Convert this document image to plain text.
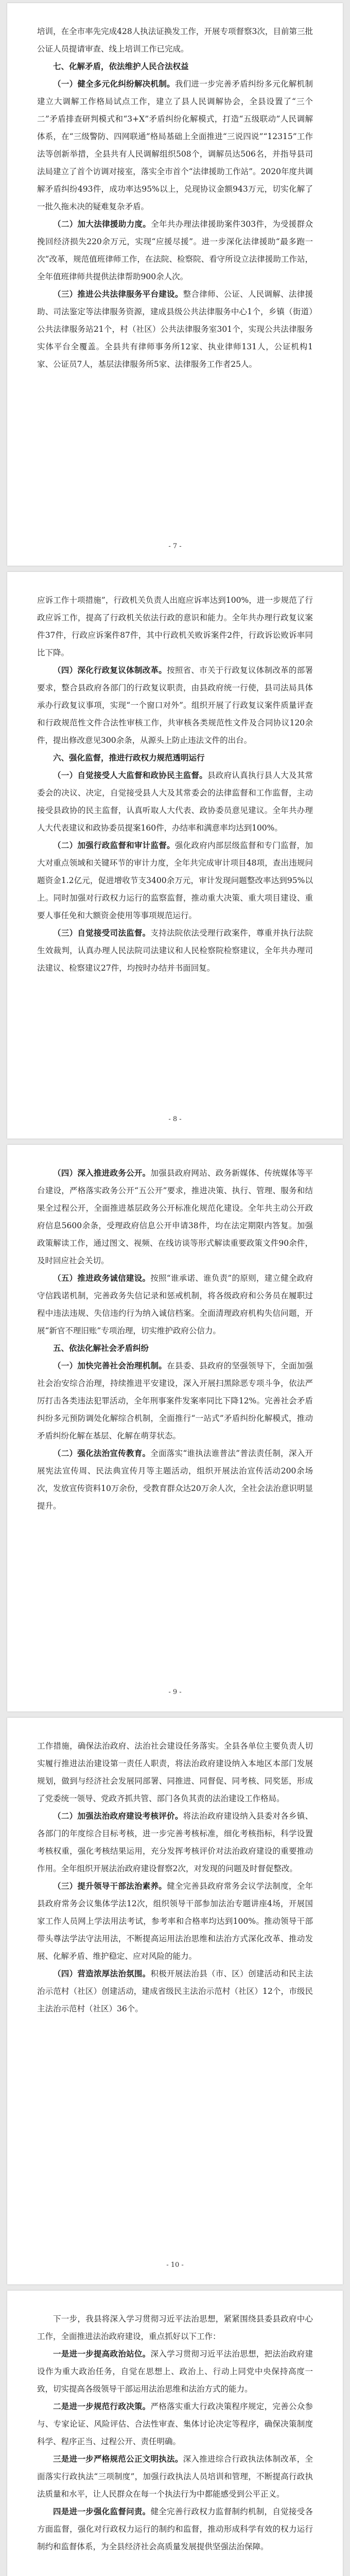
培训，在全市率先完成428人执法证换发工作，开展专项督察3次，目前第三批公证人员提请审查、线上培训工作已完成。

七、化解矛盾，依法维护人民合法权益

（一）健全多元化纠纷解决机制。我们进一步完善矛盾纠纷多元化解机制建立大调解工作格局试点工作，建立了县人民调解协会，全县设置了“三个二”矛盾排查研判模式和“3+X”矛盾纠纷化解模式，打造“五级联动”人民调解体系，在“三级警防、四网联通”格局基础上全面推进“三说四说”“12315”工作法等创新举措，全县共有人民调解组织508个，调解员达506名，并指导县司法局建立了首个访调对接室，落实全市首个“法律援助工作站”。2020年度共调解矛盾纠纷493件，成功率达95%以上，兑现协议金额943万元，切实化解了一批久拖未决的疑难复杂矛盾。

（二）加大法律援助力度。全年共办理法律援助案件303件，为受援群众挽回经济损失220余万元，实现“应援尽援”。进一步深化法律援助“最多跑一次”改革，规范值班律师工作，在法院、检察院、看守所设立法律援助工作站，全年值班律师共提供法律帮助900余人次。

（三）推进公共法律服务平台建设。整合律师、公证、人民调解、法律援助、司法鉴定等法律服务资源，建成县级公共法律服务中心1个，乡镇（街道）公共法律服务站21个，村（社区）公共法律服务室301个，实现公共法律服务实体平台全覆盖。全县共有律师事务所12家、执业律师131人，公证机构1家、公证员7人，基层法律服务所5家、法律服务工作者25人。

- 7 -

应诉工作十项措施”，行政机关负责人出庭应诉率达到100%，进一步规范了行政应诉工作，提高了行政机关依法行政的意识和能力。全年共办理行政复议案件37件，行政应诉案件87件，其中行政机关败诉案件2件，行政诉讼败诉率同比下降。

（四）深化行政复议体制改革。按照省、市关于行政复议体制改革的部署要求，整合县政府各部门的行政复议职责，由县政府统一行使，县司法局具体承办行政复议事项，实现“一个窗口对外”。组织开展了行政复议案件质量评查和行政规范性文件合法性审核工作，共审核各类规范性文件及合同协议120余件，提出修改意见300余条，从源头上防止违法文件的出台。

六、强化监督，推进行政权力规范透明运行

（一）自觉接受人大监督和政协民主监督。县政府认真执行县人大及其常委会的决议、决定，自觉接受县人大及其常委会的法律监督和工作监督，主动接受县政协的民主监督，认真听取人大代表、政协委员意见建议。全年共办理人大代表建议和政协委员提案160件，办结率和满意率均达到100%。

（二）加强行政监督和审计监督。强化政府内部层级监督和专门监督，加大对重点领域和关键环节的审计力度，全年共完成审计项目48项，查出违规问题资金1.2亿元，促进增收节支3400余万元，审计发现问题整改率达到95%以上。同时加强对行政权力运行的监察监督，推动重大决策、重大项目建设、重要人事任免和大额资金使用等事项规范运行。

（三）自觉接受司法监督。支持法院依法受理行政案件，尊重并执行法院生效裁判，认真办理人民法院司法建议和人民检察院检察建议，全年共办理司法建议、检察建议27件，均按时办结并书面回复。

- 8 -

（四）深入推进政务公开。加强县政府网站、政务新媒体、传统媒体等平台建设，严格落实政务公开“五公开”要求，推进决策、执行、管理、服务和结果全过程公开，全面推进基层政务公开标准化规范化建设。全年共主动公开政府信息5600余条，受理政府信息公开申请38件，均在法定期限内答复。加强政策解读工作，通过图文、视频、在线访谈等形式解读重要政策文件90余件，及时回应社会关切。

（五）推进政务诚信建设。按照“谁承诺、谁负责”的原则，建立健全政府守信践诺机制，完善政务失信记录和惩戒机制，将各级政府和公务员在履职过程中违法违规、失信违约行为纳入诚信档案。全面清理政府机构失信问题，开展“新官不理旧账”专项治理，切实维护政府公信力。

五、依法化解社会矛盾纠纷

（一）加快完善社会治理机制。在县委、县政府的坚强领导下，全面加强社会治安综合治理，持续推进平安建设，深入开展扫黑除恶专项斗争，依法严厉打击各类违法犯罪活动，全年刑事案件发案率同比下降12%。完善社会矛盾纠纷多元预防调处化解综合机制，全面推行“一站式”矛盾纠纷化解模式，推动矛盾纠纷化解在基层、化解在萌芽状态。

（二）强化法治宣传教育。全面落实“谁执法谁普法”普法责任制，深入开展宪法宣传周、民法典宣传月等主题活动，组织开展法治宣传活动200余场次，发放宣传资料10万余份，受教育群众达20万余人次，全社会法治意识明显提升。

- 9 -

工作措施，确保法治政府、法治社会建设任务落实。全县各单位主要负责人切实履行推进法治建设第一责任人职责，将法治政府建设纳入本地区本部门发展规划，做到与经济社会发展同部署、同推进、同督促、同考核、同奖惩，形成了党委统一领导、党政齐抓共管、部门各负其责的法治建设工作格局。

（二）加强法治政府建设考核评价。将法治政府建设纳入县委对各乡镇、各部门的年度综合目标考核，进一步完善考核标准，细化考核指标，科学设置考核权重，强化考核结果运用，充分发挥考核评价对法治政府建设的重要推动作用。全年组织开展法治政府建设督察2次，对发现的问题及时督促整改。

（三）提升领导干部法治素养。健全完善县政府常务会议学法制度，全年县政府常务会议集体学法12次，组织领导干部参加法治专题讲座4场，开展国家工作人员网上学法用法考试，参考率和合格率均达到100%。推动领导干部带头尊法学法守法用法，不断提高运用法治思维和法治方式深化改革、推动发展、化解矛盾、维护稳定、应对风险的能力。

（四）营造浓厚法治氛围。积极开展法治县（市、区）创建活动和民主法治示范村（社区）创建活动，建成省级民主法治示范村（社区）12个，市级民主法治示范村（社区）36个。

- 10 -

下一步，我县将深入学习贯彻习近平法治思想，紧紧围绕县委县政府中心工作，全面推进法治政府建设，重点抓好以下工作：

一是进一步提高政治站位。深入学习贯彻习近平法治思想，把法治政府建设作为重大政治任务，自觉在思想上、政治上、行动上同党中央保持高度一致，切实提高各级领导干部运用法治思维和法治方式的能力。

二是进一步规范行政决策。严格落实重大行政决策程序规定，完善公众参与、专家论证、风险评估、合法性审查、集体讨论决定等程序，确保决策制度科学、程序正当、过程公开、责任明确。

三是进一步严格规范公正文明执法。深入推进综合行政执法体制改革，全面落实行政执法“三项制度”，加强行政执法人员培训和管理，不断提高行政执法质量和水平，让人民群众在每一个执法行为中都能感受到公平正义。

四是进一步强化监督问责。健全完善行政权力监督制约机制，自觉接受各方面监督，强化对行政权力运行的制约和监督，推动形成科学有效的权力运行制约和监督体系，为全县经济社会高质量发展提供坚强法治保障。
